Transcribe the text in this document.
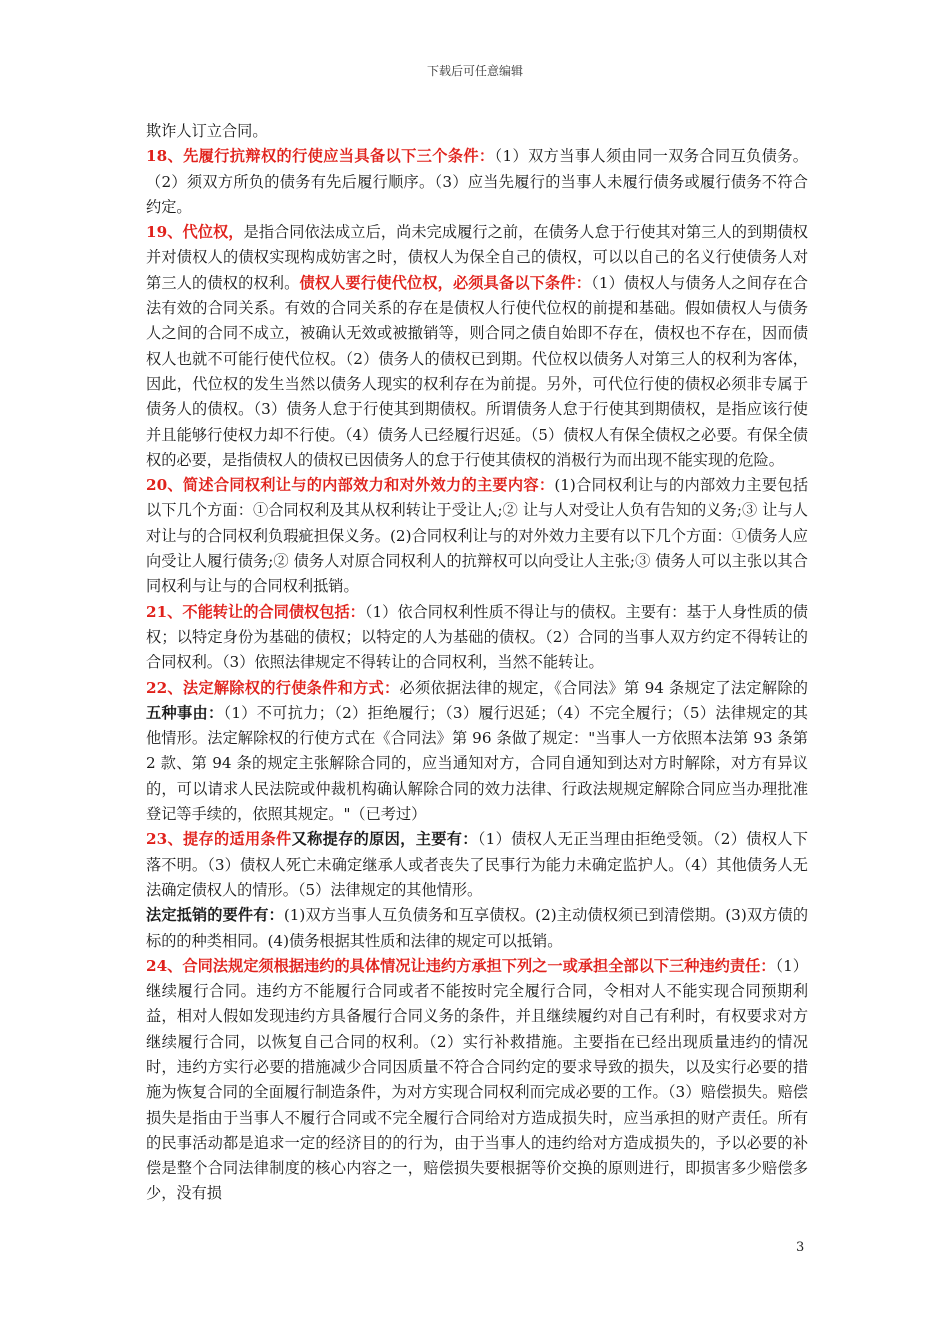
下载后可任意编辑

欺诈人订立合同。

18、先履行抗辩权的行使应当具备以下三个条件：（1）双方当事人须由同一双务合同互负债务。（2）须双方所负的债务有先后履行顺序。（3）应当先履行的当事人未履行债务或履行债务不符合约定。

19、代位权，是指合同依法成立后，尚未完成履行之前，在债务人怠于行使其对第三人的到期债权并对债权人的债权实现构成妨害之时，债权人为保全自己的债权，可以以自己的名义行使债务人对第三人的债权的权利。债权人要行使代位权，必须具备以下条件：（1）债权人与债务人之间存在合法有效的合同关系。有效的合同关系的存在是债权人行使代位权的前提和基础。假如债权人与债务人之间的合同不成立，被确认无效或被撤销等，则合同之债自始即不存在，债权也不存在，因而债权人也就不可能行使代位权。（2）债务人的债权已到期。代位权以债务人对第三人的权利为客体，因此，代位权的发生当然以债务人现实的权利存在为前提。另外，可代位行使的债权必须非专属于债务人的债权。（3）债务人怠于行使其到期债权。所谓债务人怠于行使其到期债权，是指应该行使并且能够行使权力却不行使。（4）债务人已经履行迟延。（5）债权人有保全债权之必要。有保全债权的必要，是指债权人的债权已因债务人的怠于行使其债权的消极行为而出现不能实现的危险。

20、简述合同权利让与的内部效力和对外效力的主要内容：(1)合同权利让与的内部效力主要包括以下几个方面：①合同权利及其从权利转让于受让人;② 让与人对受让人负有告知的义务;③ 让与人对让与的合同权利负瑕疵担保义务。(2)合同权利让与的对外效力主要有以下几个方面：①债务人应向受让人履行债务;② 债务人对原合同权利人的抗辩权可以向受让人主张;③ 债务人可以主张以其合同权利与让与的合同权利抵销。

21、不能转让的合同债权包括：（1）依合同权利性质不得让与的债权。主要有：基于人身性质的债权；以特定身份为基础的债权；以特定的人为基础的债权。（2）合同的当事人双方约定不得转让的合同权利。（3）依照法律规定不得转让的合同权利，当然不能转让。

22、法定解除权的行使条件和方式：必须依据法律的规定，《合同法》第 94 条规定了法定解除的五种事由：（1）不可抗力；（2）拒绝履行；（3）履行迟延；（4）不完全履行；（5）法律规定的其他情形。法定解除权的行使方式在《合同法》第 96 条做了规定："当事人一方依照本法第 93 条第 2 款、第 94 条的规定主张解除合同的，应当通知对方，合同自通知到达对方时解除，对方有异议的，可以请求人民法院或仲裁机构确认解除合同的效力法律、行政法规规定解除合同应当办理批准登记等手续的，依照其规定。"（已考过）

23、提存的适用条件又称提存的原因，主要有：（1）债权人无正当理由拒绝受领。（2）债权人下落不明。（3）债权人死亡未确定继承人或者丧失了民事行为能力未确定监护人。（4）其他债务人无法确定债权人的情形。（5）法律规定的其他情形。

法定抵销的要件有：(1)双方当事人互负债务和互享债权。(2)主动债权须已到清偿期。(3)双方债的标的的种类相同。(4)债务根据其性质和法律的规定可以抵销。

24、合同法规定须根据违约的具体情况让违约方承担下列之一或承担全部以下三种违约责任：（1）继续履行合同。违约方不能履行合同或者不能按时完全履行合同，令相对人不能实现合同预期利益，相对人假如发现违约方具备履行合同义务的条件，并且继续履约对自己有利时，有权要求对方继续履行合同，以恢复自己合同的权利。（2）实行补救措施。主要指在已经出现质量违约的情况时，违约方实行必要的措施减少合同因质量不符合合同约定的要求导致的损失，以及实行必要的措施为恢复合同的全面履行制造条件，为对方实现合同权利而完成必要的工作。（3）赔偿损失。赔偿损失是指由于当事人不履行合同或不完全履行合同给对方造成损失时，应当承担的财产责任。所有的民事活动都是追求一定的经济目的的行为，由于当事人的违约给对方造成损失的，予以必要的补偿是整个合同法律制度的核心内容之一，赔偿损失要根据等价交换的原则进行，即损害多少赔偿多少，没有损

3
